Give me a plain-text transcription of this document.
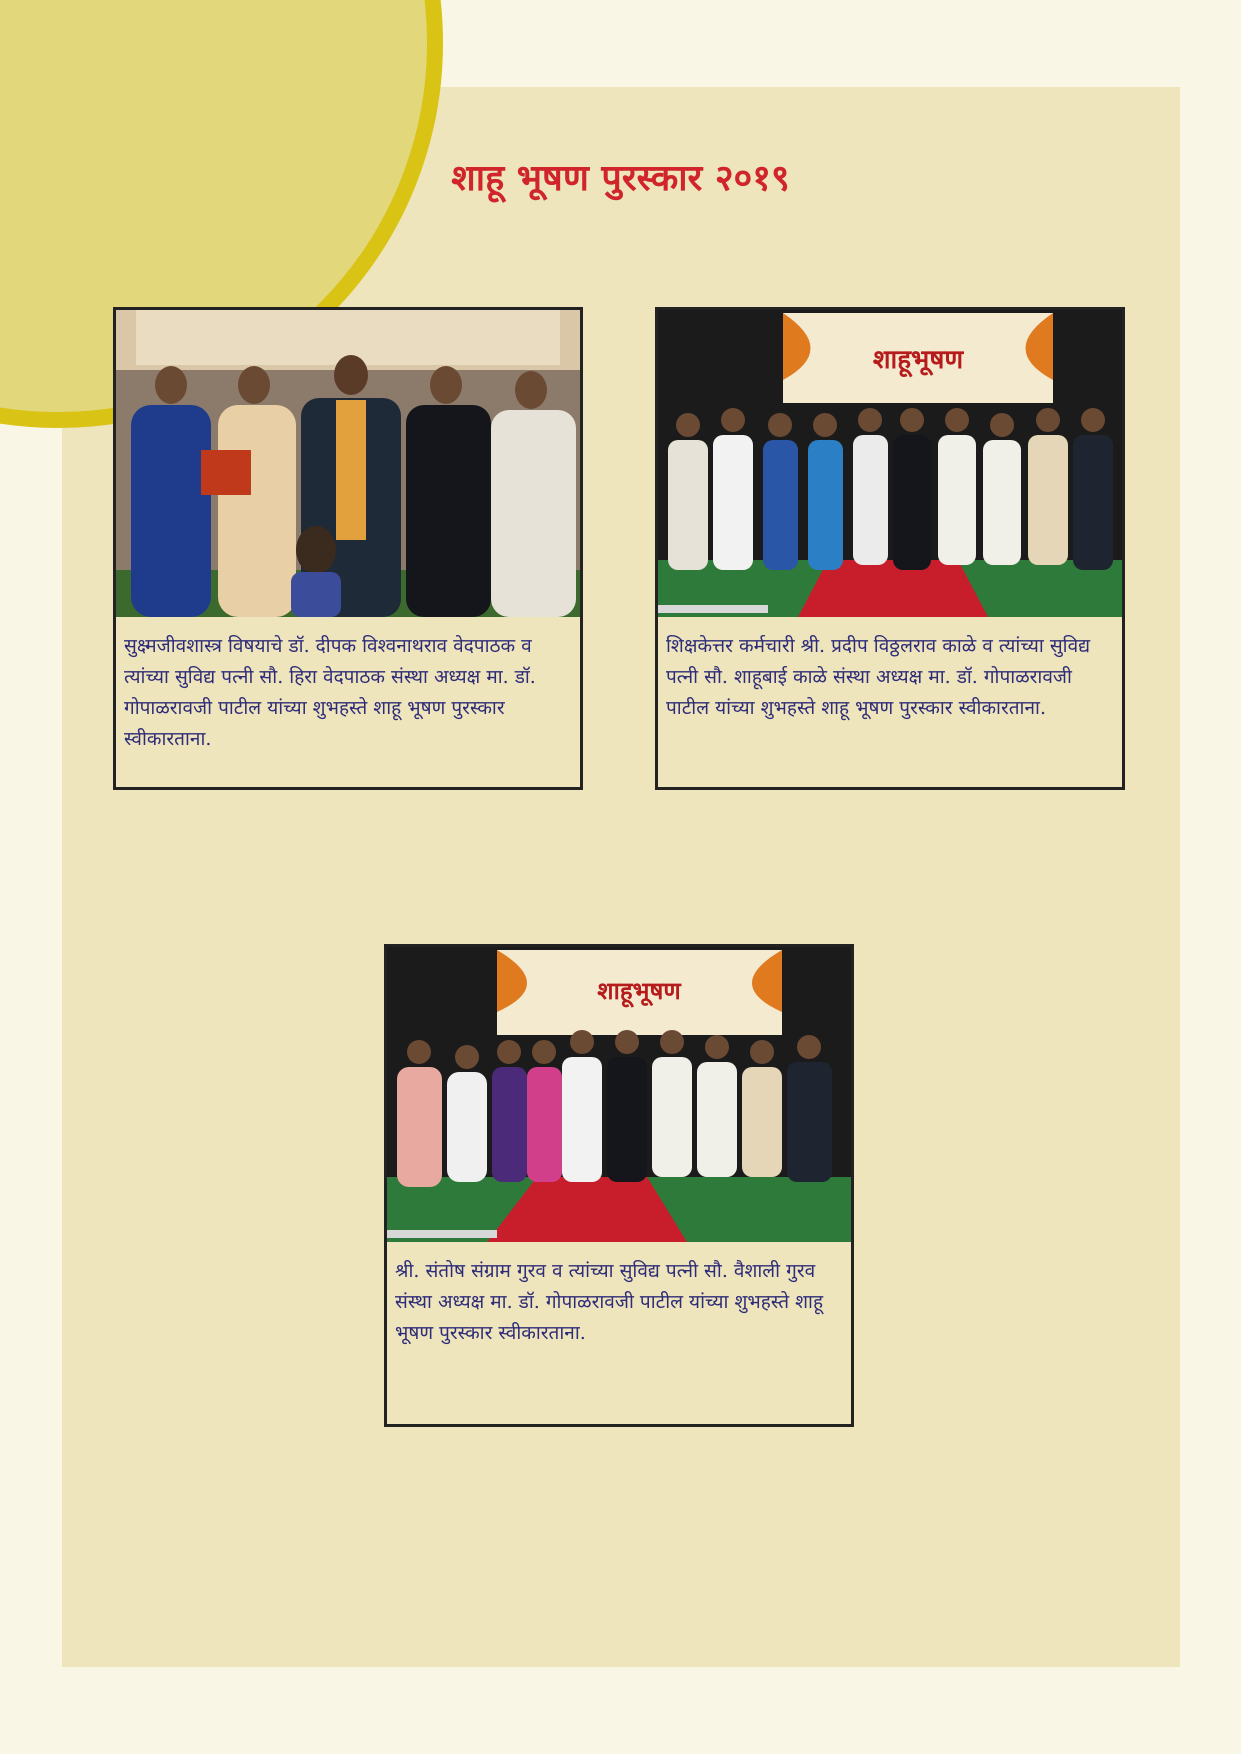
शाहू भूषण पुरस्कार २०१९
सुक्ष्मजीवशास्त्र विषयाचे डॉ. दीपक विश्वनाथराव वेदपाठक व त्यांच्या सुविद्य पत्नी सौ. हिरा वेदपाठक संस्था अध्यक्ष मा. डॉ. गोपाळरावजी पाटील यांच्या शुभहस्ते शाहू भूषण पुरस्कार स्वीकारताना.
शाहूभूषण
शिक्षकेत्तर कर्मचारी श्री. प्रदीप विठ्ठलराव काळे व त्यांच्या सुविद्य पत्नी सौ. शाहूबाई काळे संस्था अध्यक्ष मा. डॉ. गोपाळरावजी पाटील यांच्या शुभहस्ते शाहू भूषण पुरस्कार स्वीकारताना.
शाहूभूषण
श्री. संतोष संग्राम गुरव व त्यांच्या सुविद्य पत्नी सौ. वैशाली गुरव संस्था अध्यक्ष मा. डॉ. गोपाळरावजी पाटील यांच्या शुभहस्ते शाहू भूषण पुरस्कार स्वीकारताना.
